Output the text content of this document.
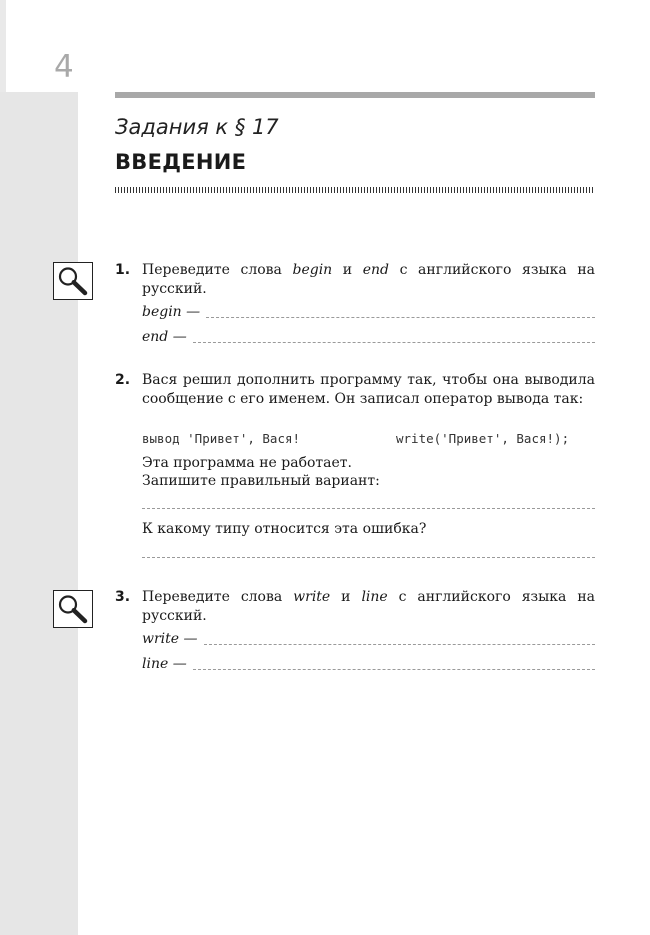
4
Задания к § 17
ВВЕДЕНИЕ
1. Переведите слова begin и end с английского языка на русский.
begin —
end —
2. Вася решил дополнить программу так, чтобы она выводила сообщение с его именем. Он записал оператор вывода так:
вывод 'Привет', Вася!	write('Привет', Вася!);
Эта программа не работает.
Запишите правильный вариант:
К какому типу относится эта ошибка?
3. Переведите слова write и line с английского языка на русский.
write —
line —
